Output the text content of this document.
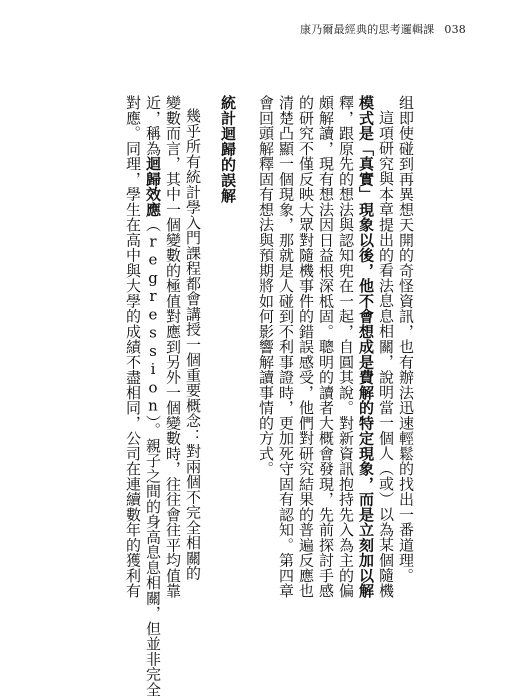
康乃爾最經典的思考邏輯課 038
组即使碰到再異想天開的奇怪資訊，也有辦法迅速輕鬆的找出一番道理。
這項研究與本章提出的看法息息相關，說明當一個人（或）以為某個隨機
模式是「真實」現象以後，他不會想成是費解的特定現象，而是立刻加以解
釋，跟原先的想法與認知兜在一起，自圓其說。對新資訊抱持先入為主的偏
頗解讀，現有想法因日益根深柢固。聰明的讀者大概會發現，先前探討手感
的研究不僅反映大眾對隨機事件的錯誤感受，他們對研究結果的普遍反應也
清楚凸顯一個現象，那就是人碰到不利事證時，更加死守固有認知。第四章
會回頭解釋固有想法與預期將如何影響解讀事情的方式。
統計迴歸的誤解
幾乎所有統計學入門課程都會講授一個重要概念：對兩個不完全相關的
變數而言，其中一個變數的極值對應到另外一個變數時，往往會往平均值靠
近，稱為迴歸效應（regression）。親子之間的身高息息相關，但並非完全
對應。同理，學生在高中與大學的成績不盡相同，公司在連續數年的獲利有
